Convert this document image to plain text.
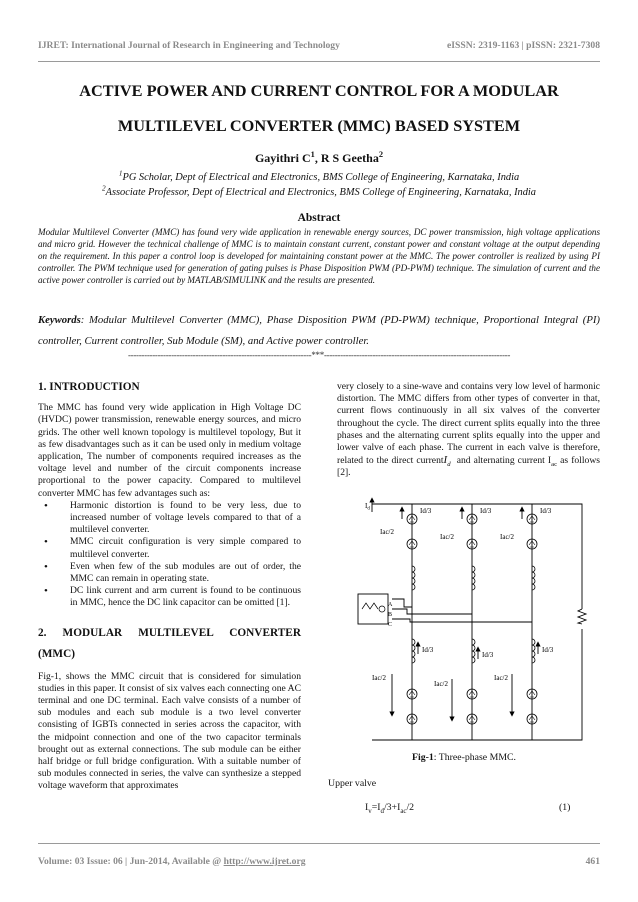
IJRET: International Journal of Research in Engineering and Technology	eISSN: 2319-1163 | pISSN: 2321-7308
ACTIVE POWER AND CURRENT CONTROL FOR A MODULAR
MULTILEVEL CONVERTER (MMC) BASED SYSTEM
Gayithri $C^1$, R S Geetha$^2$
$^1$PG Scholar, Dept of Electrical and Electronics, BMS College of Engineering, Karnataka, India
$^2$Associate Professor, Dept of Electrical and Electronics, BMS College of Engineering, Karnataka, India
Abstract
Modular Multilevel Converter (MMC) has found very wide application in renewable energy sources, DC power transmission, high voltage applications and micro grid. However the technical challenge of MMC is to maintain constant current, constant power and constant voltage at the output depending on the requirement. In this paper a control loop is developed for maintaining constant power at the MMC. The power controller is realized by using PI controller. The PWM technique used for generation of gating pulses is Phase Disposition PWM (PD-PWM) technique. The simulation of current and the active power controller is carried out by MATLAB/SIMULINK and the results are presented.
Keywords: Modular Multilevel Converter (MMC), Phase Disposition PWM (PD-PWM) technique, Proportional Integral (PI) controller, Current controller, Sub Module (SM), and Active power controller.
--------------------------------------------------------------------***---------------------------------------------------------------------

1. INTRODUCTION

The MMC has found very wide application in High Voltage DC (HVDC) power transmission, renewable energy sources, and micro grids. The other well known topology is multilevel topology, But it as few disadvantages such as it can be used only in medium voltage application, The number of components required increases as the voltage level and number of the circuit components increase proportional to the power capacity. Compared to multilevel converter MMC has few advantages such as:

• Harmonic distortion is found to be very less, due to increased number of voltage levels compared to that of a multilevel converter.
• MMC circuit configuration is very simple compared to multilevel converter.
• Even when few of the sub modules are out of order, the MMC can remain in operating state.
• DC link current and arm current is found to be continuous in MMC, hence the DC link capacitor can be omitted [1].

2. MODULAR MULTILEVEL CONVERTER (MMC)

Fig-1, shows the MMC circuit that is considered for simulation studies in this paper. It consist of six valves each connecting one AC terminal and one DC terminal. Each valve consists of a number of sub modules and each sub module is a two level converter consisting of IGBTs connected in series across the capacitor, with the midpoint connection and one of the two capacitor terminals brought out as external connections. The sub module can be either half bridge or full bridge configuration. With a suitable number of sub modules connected in series, the valve can synthesize a stepped voltage waveform that approximates

very closely to a sine-wave and contains very low level of harmonic distortion. The MMC differs from other types of converter in that, current flows continuously in all six valves of the converter throughout the cycle. The direct current splits equally into the three phases and the alternating current splits equally into the upper and lower valve of each phase. The current in each valve is therefore, related to the direct currentI$_d$ and alternating current $I_{ac}$ as follows [2].

$I_d$	Id/3	Id/3	Id/3
Iac/2
Iac/2	Iac/2
A
B
C
Id/3
Id/3
Id/3
Iac/2
Iac/2
Iac/2
Fig-1: Three-phase MMC.
Upper valve
$I_v=I_d/3+I_{ac}/2$	(1)
Volume: 03 Issue: 06 | Jun-2014, Available @ http://www.ijret.org	461
